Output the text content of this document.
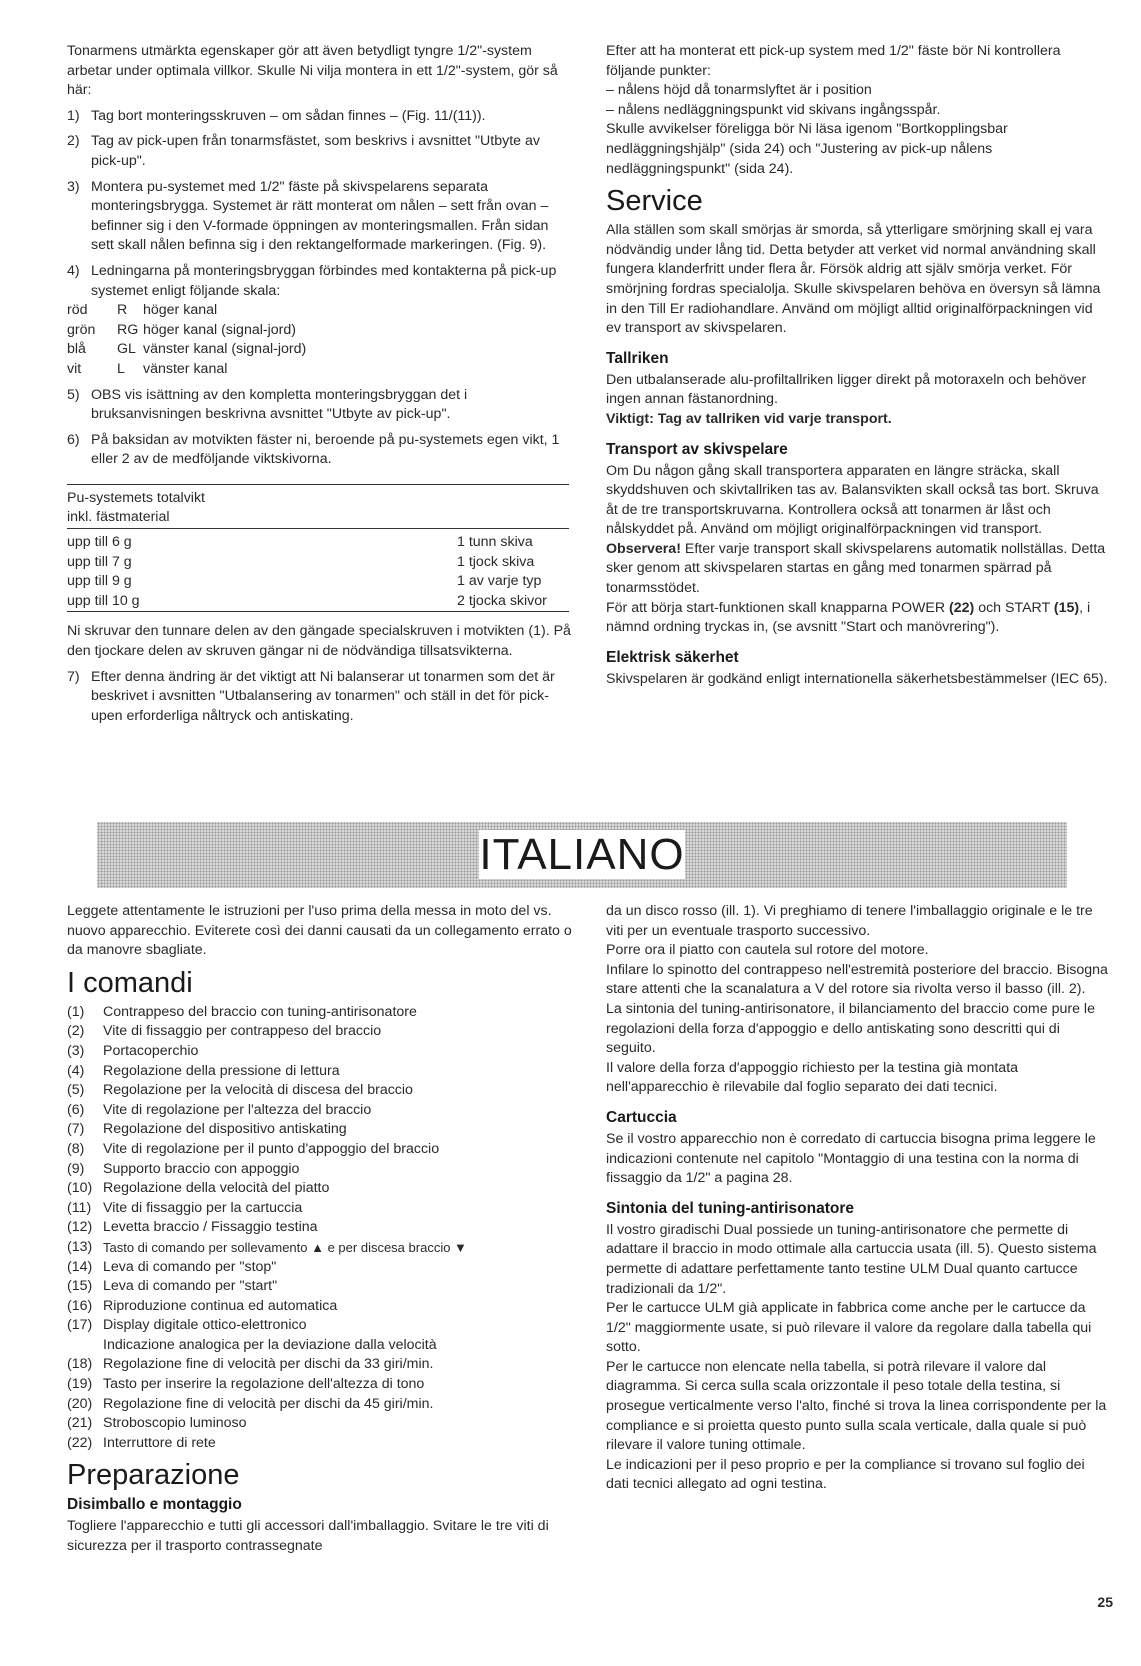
Tonarmens utmärkta egenskaper gör att även betydligt tyngre 1/2"-system arbetar under optimala villkor. Skulle Ni vilja montera in ett 1/2"-system, gör så här:

1) Tag bort monteringsskruven – om sådan finnes – (Fig. 11/(11)).
2) Tag av pick-upen från tonarmsfästet, som beskrivs i avsnittet "Utbyte av pick-up".
3) Montera pu-systemet med 1/2" fäste på skivspelarens separata monteringsbrygga. Systemet är rätt monterat om nålen – sett från ovan – befinner sig i den V-formade öppningen av monteringsmallen. Från sidan sett skall nålen befinna sig i den rektangelformade markeringen. (Fig. 9).
4) Ledningarna på monteringsbryggan förbindes med kontakterna på pick-up systemet enligt följande skala:
röd	R	höger kanal
grön	RG höger kanal (signal-jord)
blå	GL vänster kanal (signal-jord)
vit	L	vänster kanal
5) OBS vis isättning av den kompletta monteringsbryggan det i bruksanvisningen beskrivna avsnittet "Utbyte av pick-up".
6) På baksidan av motvikten fäster ni, beroende på pu-systemets egen vikt, 1 eller 2 av de medföljande viktskivorna.
Pu-systemets totalvikt
inkl. fästmaterial
upp till 6 g	1 tunn skiva
upp till 7 g	1 tjock skiva
upp till 9 g	1 av varje typ
upp till 10 g	2 tjocka skivor

Ni skruvar den tunnare delen av den gängade specialskruven i motvikten (1). På den tjockare delen av skruven gängar ni de nödvändiga tillsatsvikterna.

7) Efter denna ändring är det viktigt att Ni balanserar ut tonarmen som det är beskrivet i avsnitten "Utbalansering av tonarmen" och ställ in det för pick-upen erforderliga nåltryck och antiskating.

Efter att ha monterat ett pick-up system med 1/2" fäste bör Ni kontrollera följande punkter:

– nålens höjd då tonarmslyftet är i position

– nålens nedläggningspunkt vid skivans ingångsspår.

Skulle avvikelser föreligga bör Ni läsa igenom "Bortkopplingsbar nedläggningshjälp" (sida 24) och "Justering av pick-up nålens nedläggningspunkt" (sida 24).

Service

Alla ställen som skall smörjas är smorda, så ytterligare smörjning skall ej vara nödvändig under lång tid. Detta betyder att verket vid normal användning skall fungera klanderfritt under flera år. Försök aldrig att själv smörja verket. För smörjning fordras specialolja. Skulle skivspelaren behöva en översyn så lämna in den Till Er radiohandlare. Använd om möjligt alltid originalförpackningen vid ev transport av skivspelaren.

Tallriken

Den utbalanserade alu-profiltallriken ligger direkt på motoraxeln och behöver ingen annan fästanordning.

Viktigt: Tag av tallriken vid varje transport.

Transport av skivspelare

Om Du någon gång skall transportera apparaten en längre sträcka, skall skyddshuven och skivtallriken tas av. Balansvikten skall också tas bort. Skruva åt de tre transportskruvarna. Kontrollera också att tonarmen är låst och nålskyddet på. Använd om möjligt originalförpackningen vid transport.

Observera! Efter varje transport skall skivspelarens automatik nollställas. Detta sker genom att skivspelaren startas en gång med tonarmen spärrad på tonarmsstödet.

För att börja start-funktionen skall knapparna POWER (22) och START (15), i nämnd ordning tryckas in, (se avsnitt "Start och manövrering").

Elektrisk säkerhet

Skivspelaren är godkänd enligt internationella säkerhetsbestämmelser (IEC 65).

ITALIANO

Leggete attentamente le istruzioni per l'uso prima della messa in moto del vs. nuovo apparecchio. Eviterete così dei danni causati da un collegamento errato o da manovre sbagliate.

I comandi
(1)	Contrappeso del braccio con tuning-antirisonatore
(2)	Vite di fissaggio per contrappeso del braccio
(3)	Portacoperchio
(4)	Regolazione della pressione di lettura
(5)	Regolazione per la velocità di discesa del braccio
(6)	Vite di regolazione per l'altezza del braccio
(7)	Regolazione del dispositivo antiskating
(8)	Vite di regolazione per il punto d'appoggio del braccio
(9)	Supporto braccio con appoggio
(10) Regolazione della velocità del piatto
(11) Vite di fissaggio per la cartuccia
(12) Levetta braccio / Fissaggio testina
(13) Tasto di comando per sollevamento ▲ e per discesa braccio ▼
(14) Leva di comando per "stop"
(15) Leva di comando per "start"
(16) Riproduzione continua ed automatica
(17) Display digitale ottico-elettronico
Indicazione analogica per la deviazione dalla velocità
(18) Regolazione fine di velocità per dischi da 33 giri/min.
(19) Tasto per inserire la regolazione dell'altezza di tono
(20) Regolazione fine di velocità per dischi da 45 giri/min.
(21) Stroboscopio luminoso
(22) Interruttore di rete
Preparazione
Disimballo e montaggio

Togliere l'apparecchio e tutti gli accessori dall'imballaggio. Svitare le tre viti di sicurezza per il trasporto contrassegnate

da un disco rosso (ill. 1). Vi preghiamo di tenere l'imballaggio originale e le tre viti per un eventuale trasporto successivo.

Porre ora il piatto con cautela sul rotore del motore.

Infilare lo spinotto del contrappeso nell'estremità posteriore del braccio. Bisogna stare attenti che la scanalatura a V del rotore sia rivolta verso il basso (ill. 2).

La sintonia del tuning-antirisonatore, il bilanciamento del braccio come pure le regolazioni della forza d'appoggio e dello antiskating sono descritti qui di seguito.

Il valore della forza d'appoggio richiesto per la testina già montata nell'apparecchio è rilevabile dal foglio separato dei dati tecnici.

Cartuccia

Se il vostro apparecchio non è corredato di cartuccia bisogna prima leggere le indicazioni contenute nel capitolo "Montaggio di una testina con la norma di fissaggio da 1/2" a pagina 28.

Sintonia del tuning-antirisonatore

Il vostro giradischi Dual possiede un tuning-antirisonatore che permette di adattare il braccio in modo ottimale alla cartuccia usata (ill. 5). Questo sistema permette di adattare perfettamente tanto testine ULM Dual quanto cartucce tradizionali da 1/2".

Per le cartucce ULM già applicate in fabbrica come anche per le cartucce da 1/2" maggiormente usate, si può rilevare il valore da regolare dalla tabella qui sotto.

Per le cartucce non elencate nella tabella, si potrà rilevare il valore dal diagramma. Si cerca sulla scala orizzontale il peso totale della testina, si prosegue verticalmente verso l'alto, finché si trova la linea corrispondente per la compliance e si proietta questo punto sulla scala verticale, dalla quale si può rilevare il valore tuning ottimale.

Le indicazioni per il peso proprio e per la compliance si trovano sul foglio dei dati tecnici allegato ad ogni testina.

25
